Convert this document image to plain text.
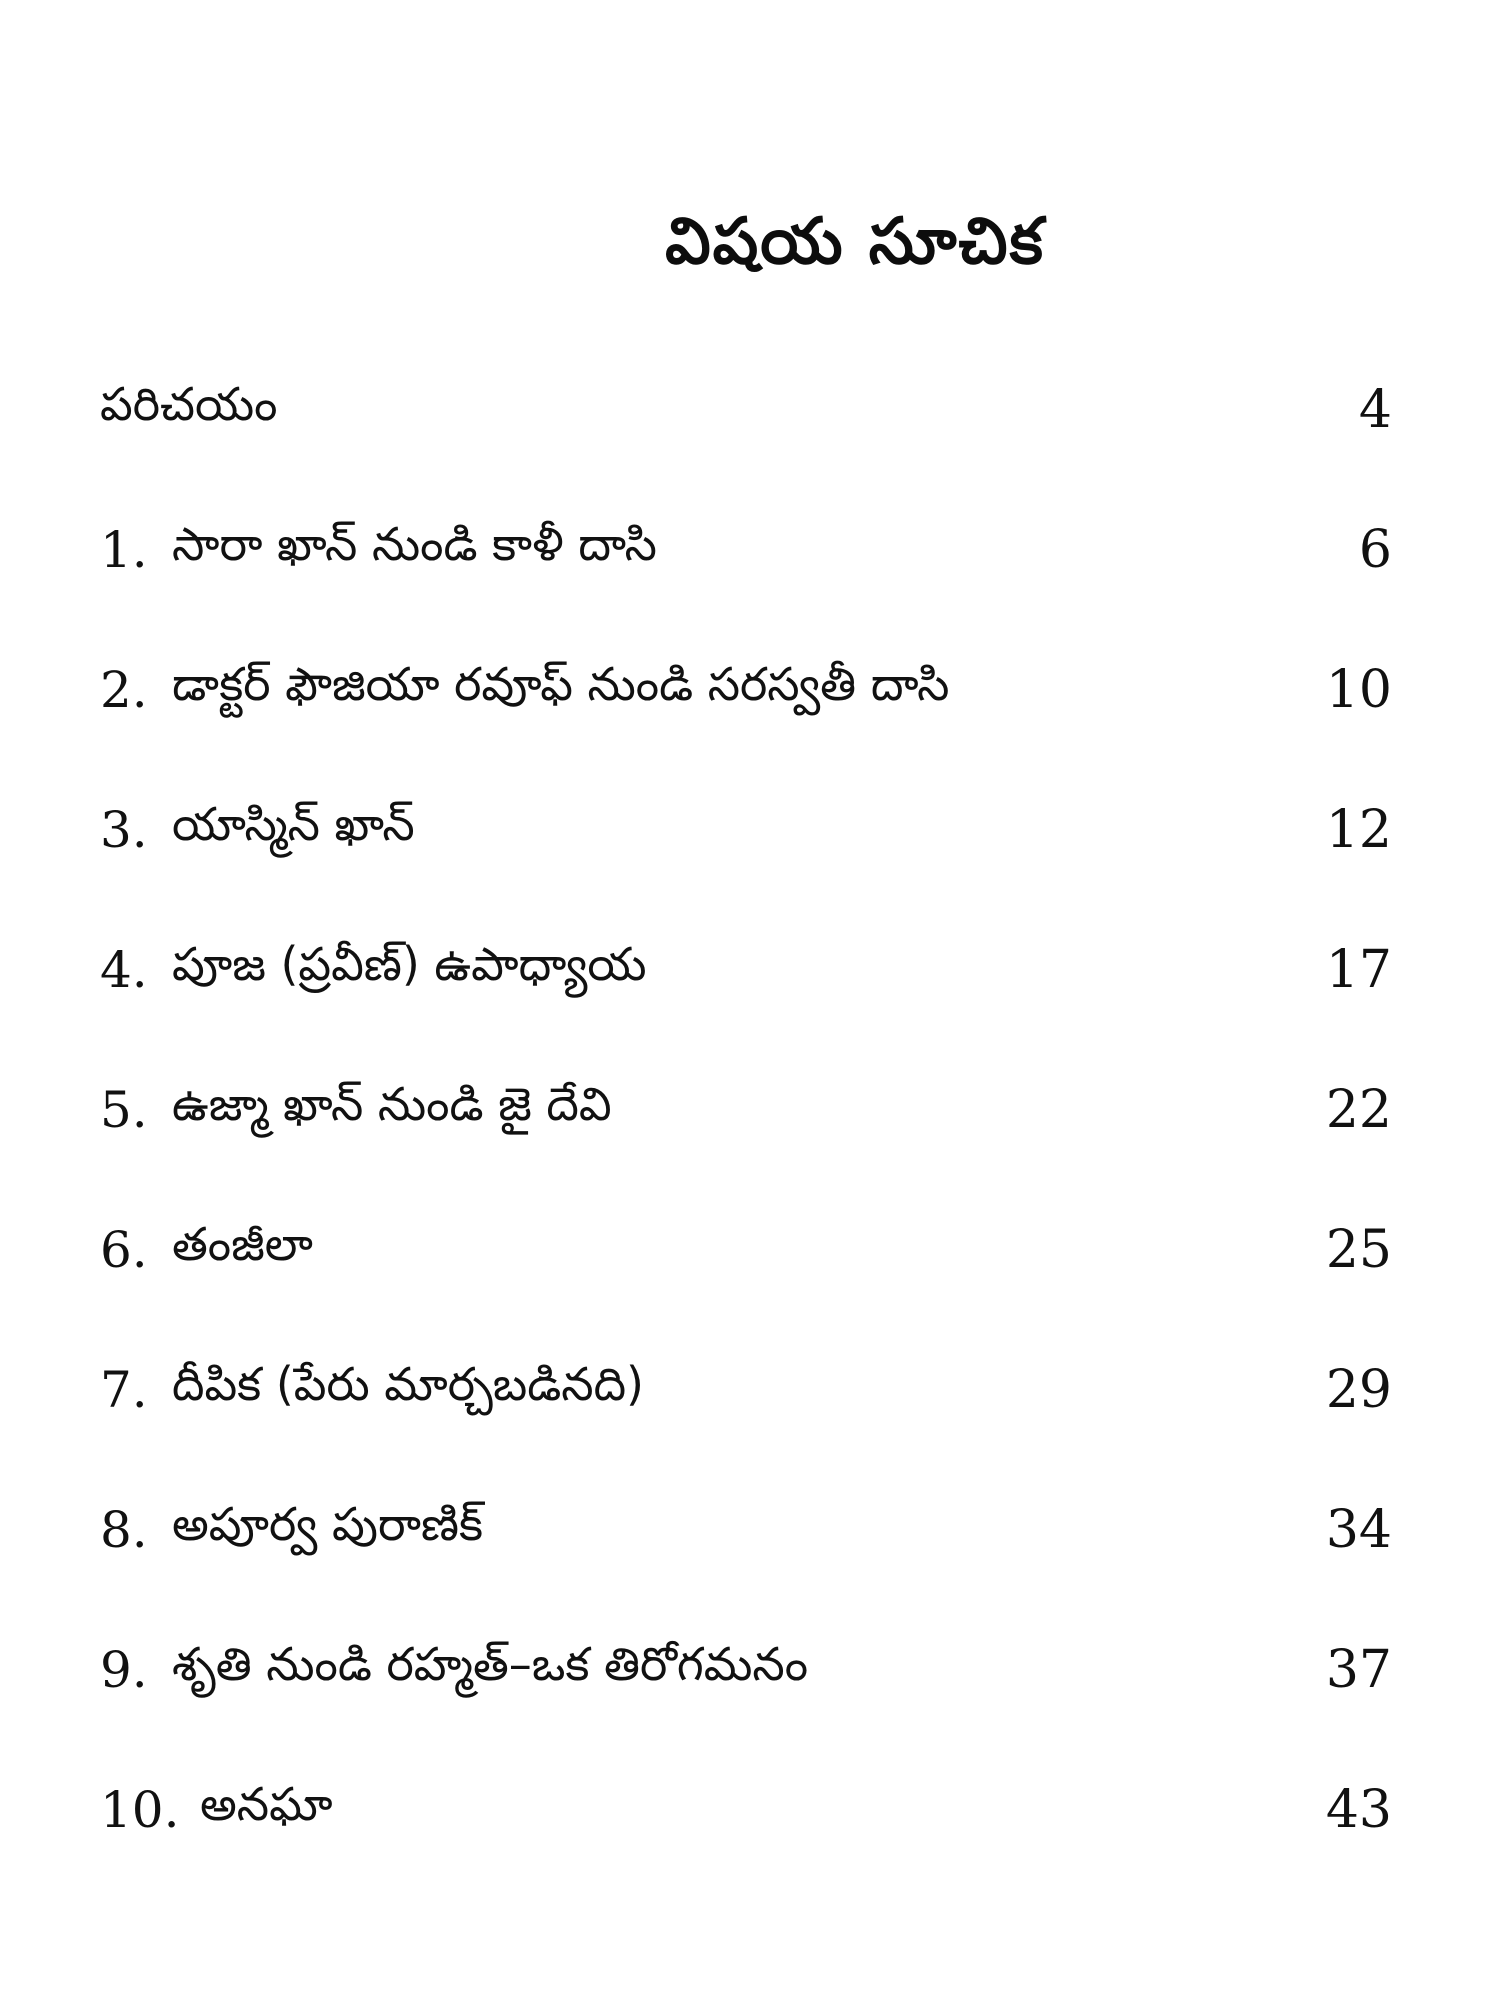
విషయ సూచిక
పరిచయం	4
1. సారా ఖాన్ నుండి కాళీ దాసి	6
2. డాక్టర్ ఫౌజియా రవూఫ్ నుండి సరస్వతీ దాసి	10
3. యాస్మిన్ ఖాన్	12
4. పూజ (ప్రవీణ్) ఉపాధ్యాయ	17
5. ఉజ్మా ఖాన్ నుండి జై దేవి	22
6. తంజీలా	25
7. దీపిక (పేరు మార్చబడినది)	29
8. అపూర్వ పురాణిక్	34
9. శృతి నుండి రహ్మత్–ఒక తిరోగమనం	37
10. అనఘా	43
